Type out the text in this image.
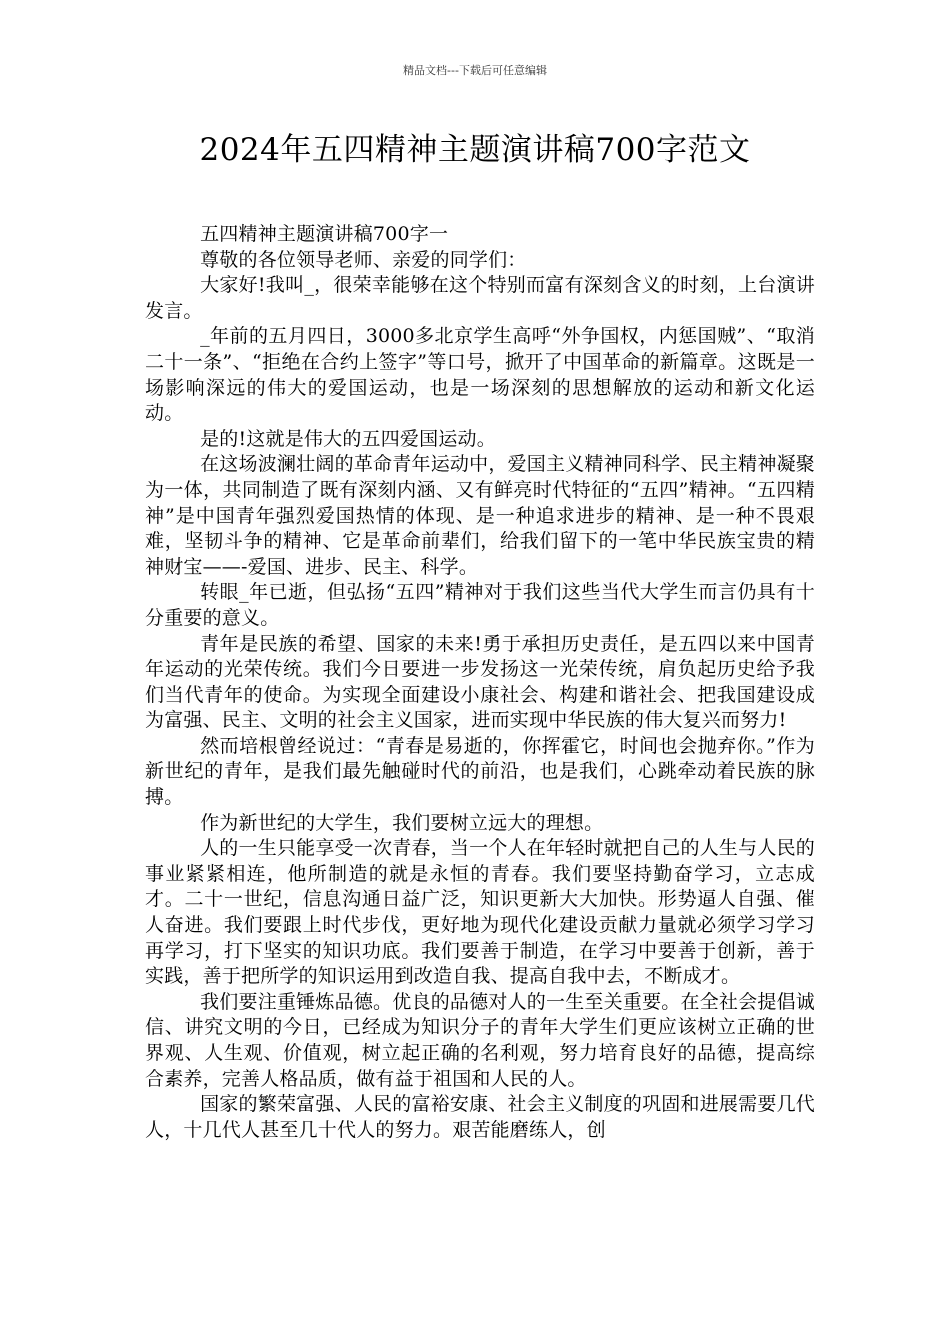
精品文档---下载后可任意编辑
2024年五四精神主题演讲稿700字范文

五四精神主题演讲稿700字一

尊敬的各位领导老师、亲爱的同学们：

大家好!我叫_，很荣幸能够在这个特别而富有深刻含义的时刻，上台演讲发言。

_年前的五月四日，3000多北京学生高呼“外争国权，内惩国贼”、“取消二十一条”、“拒绝在合约上签字”等口号，掀开了中国革命的新篇章。这既是一场影响深远的伟大的爱国运动，也是一场深刻的思想解放的运动和新文化运动。

是的!这就是伟大的五四爱国运动。

在这场波澜壮阔的革命青年运动中，爱国主义精神同科学、民主精神凝聚为一体，共同制造了既有深刻内涵、又有鲜亮时代特征的“五四”精神。“五四精神”是中国青年强烈爱国热情的体现、是一种追求进步的精神、是一种不畏艰难，坚韧斗争的精神、它是革命前辈们，给我们留下的一笔中华民族宝贵的精神财宝——-爱国、进步、民主、科学。

转眼_年已逝，但弘扬“五四”精神对于我们这些当代大学生而言仍具有十分重要的意义。

青年是民族的希望、国家的未来!勇于承担历史责任，是五四以来中国青年运动的光荣传统。我们今日要进一步发扬这一光荣传统，肩负起历史给予我们当代青年的使命。为实现全面建设小康社会、构建和谐社会、把我国建设成为富强、民主、文明的社会主义国家，进而实现中华民族的伟大复兴而努力!

然而培根曾经说过：“青春是易逝的，你挥霍它，时间也会抛弃你。”作为新世纪的青年，是我们最先触碰时代的前沿，也是我们，心跳牵动着民族的脉搏。

作为新世纪的大学生，我们要树立远大的理想。

人的一生只能享受一次青春，当一个人在年轻时就把自己的人生与人民的事业紧紧相连，他所制造的就是永恒的青春。我们要坚持勤奋学习，立志成才。二十一世纪，信息沟通日益广泛，知识更新大大加快。形势逼人自强、催人奋进。我们要跟上时代步伐，更好地为现代化建设贡献力量就必须学习学习再学习，打下坚实的知识功底。我们要善于制造，在学习中要善于创新，善于实践，善于把所学的知识运用到改造自我、提高自我中去，不断成才。

我们要注重锤炼品德。优良的品德对人的一生至关重要。在全社会提倡诚信、讲究文明的今日，已经成为知识分子的青年大学生们更应该树立正确的世界观、人生观、价值观，树立起正确的名利观，努力培育良好的品德，提高综合素养，完善人格品质，做有益于祖国和人民的人。

国家的繁荣富强、人民的富裕安康、社会主义制度的巩固和进展需要几代人，十几代人甚至几十代人的努力。艰苦能磨练人，创
